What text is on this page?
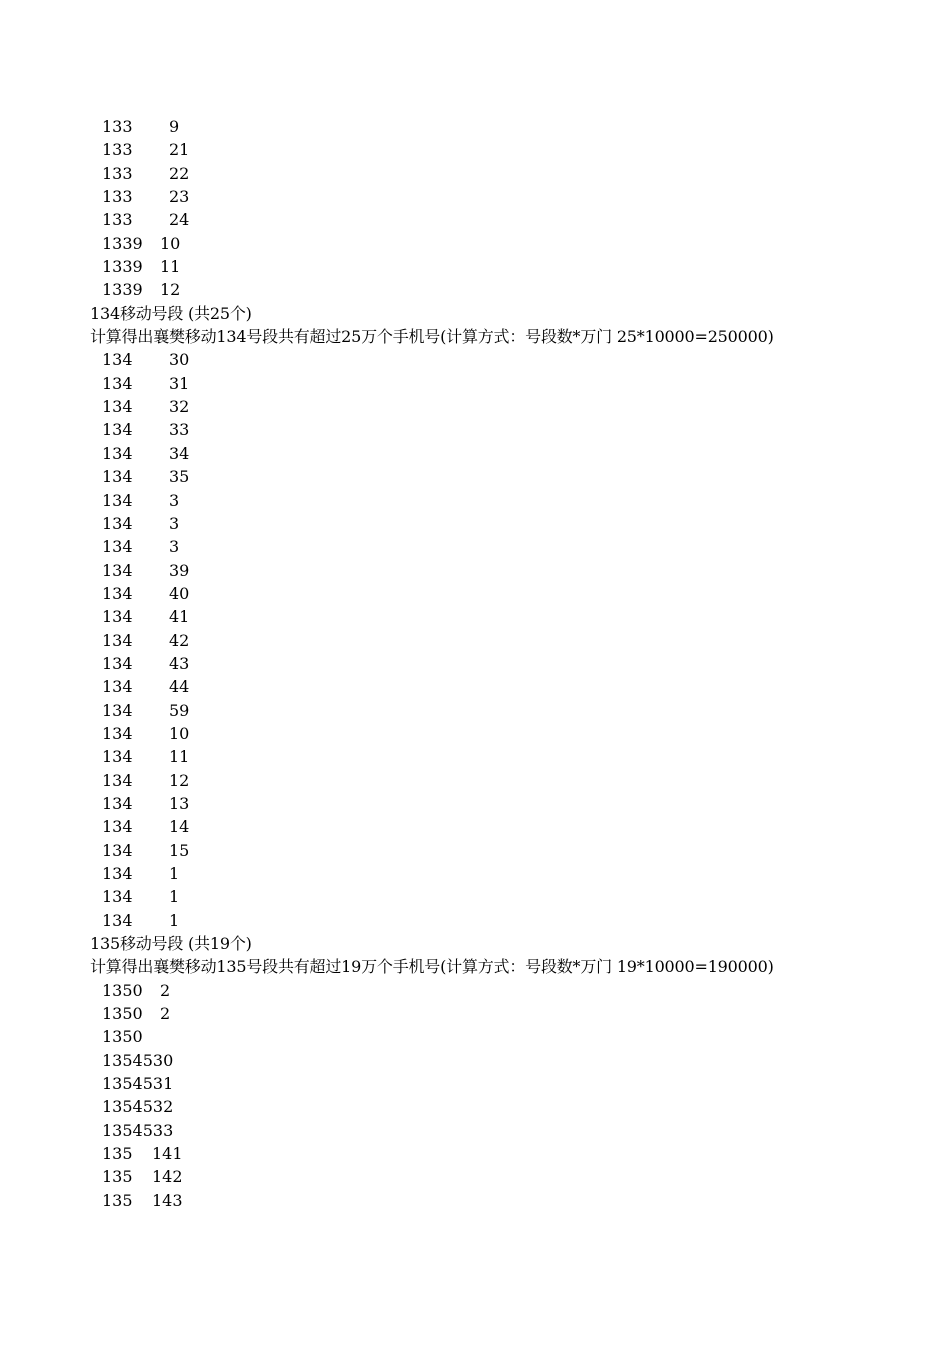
133 9
133 21
133 22
133 23
133 24
1339 10
1339 11
1339 12
134移动号段 (共25个)
计算得出襄樊移动134号段共有超过25万个手机号(计算方式：号段数*万门 25*10000=250000)
134 30
134 31
134 32
134 33
134 34
134 35
134 3
134 3
134 3
134 39
134 40
134 41
134 42
134 43
134 44
134 59
134 10
134 11
134 12
134 13
134 14
134 15
134 1
134 1
134 1
135移动号段 (共19个)
计算得出襄樊移动135号段共有超过19万个手机号(计算方式：号段数*万门 19*10000=190000)
1350 2
1350 2
1350
1354530
1354531
1354532
1354533
135 141
135 142
135 143
